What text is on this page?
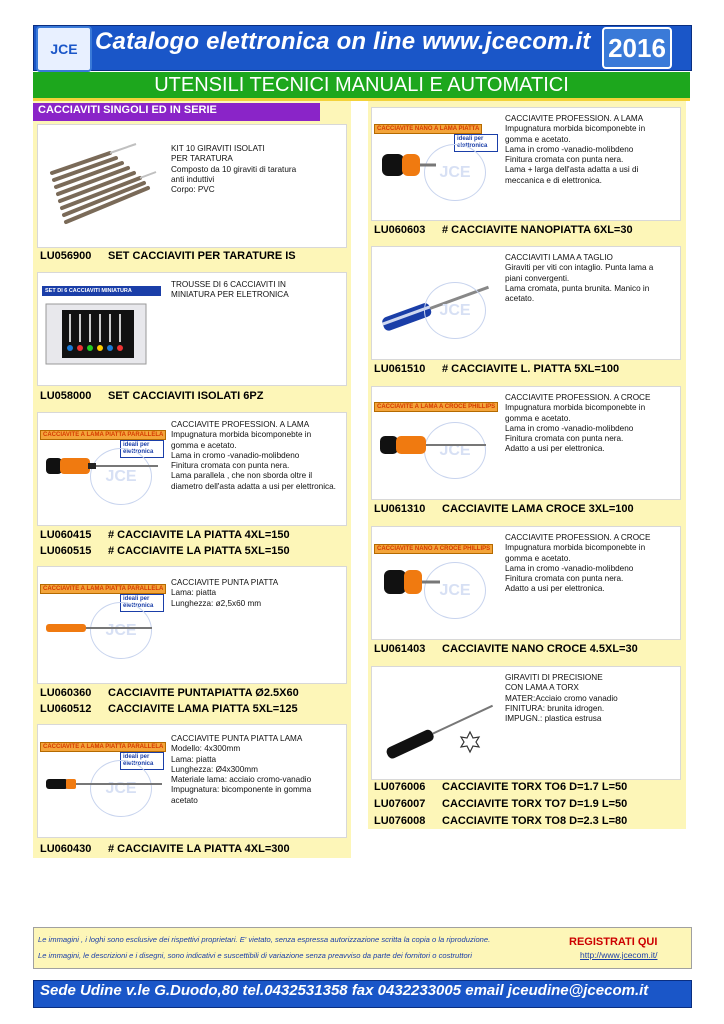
JCE Catalogo elettronica on line www.jcecom.it 2016
UTENSILI TECNICI MANUALI E AUTOMATICI
CACCIAVITI SINGOLI ED IN SERIE
KIT 10 GIRAVITI ISOLATI
PER TARATURA
Composto da 10 giraviti di taratura
anti induttivi
Corpo: PVC
LU056900 SET CACCIAVITI PER TARATURE IS
SET DI 6 CACCIAVITI MINIATURA
TROUSSE DI 6 CACCIAVITI IN
MINIATURA PER ELETRONICA
LU058000 SET CACCIAVITI ISOLATI 6PZ
CACCIAVITE A LAMA PIATTA PARALLELA
ideali per elettronica
JCE
CACCIAVITE PROFESSION. A LAMA
Impugnatura morbida bicomponebte in
gomma e acetato.
Lama in cromo -vanadio-molibdeno
Finitura cromata con punta nera.
Lama parallela , che non sborda oltre il
diametro dell'asta adatta a usi per elettronica.
LU060415 # CACCIAVITE LA PIATTA 4XL=150
LU060515 # CACCIAVITE LA PIATTA 5XL=150
CACCIAVITE A LAMA PIATTA PARALLELA
ideali per elettronica
JCE
CACCIAVITE PUNTA PIATTA
Lama: piatta
Lunghezza: ø2,5x60 mm
LU060360 CACCIAVITE PUNTAPIATTA Ø2.5X60
LU060512 CACCIAVITE LAMA PIATTA 5XL=125
CACCIAVITE A LAMA PIATTA PARALLELA
ideali per elettronica
JCE
CACCIAVITE PUNTA PIATTA LAMA
Modello: 4x300mm
Lama: piatta
Lunghezza: Ø4x300mm
Materiale lama: acciaio cromo-vanadio
Impugnatura: bicomponente in gomma
acetato
LU060430 # CACCIAVITE LA PIATTA 4XL=300
CACCIAVITE NANO A LAMA PIATTA
ideali per elettronica
JCE
CACCIAVITE PROFESSION. A LAMA
Impugnatura morbida bicomponebte in
gomma e acetato.
Lama in cromo -vanadio-molibdeno
Finitura cromata con punta nera.
Lama + larga dell'asta adatta a usi di
meccanica e di elettronica.
LU060603 # CACCIAVITE NANOPIATTA 6XL=30
JCE
CACCIAVITI LAMA A TAGLIO
Giraviti per viti con intaglio. Punta lama a
piani convergenti.
Lama cromata, punta brunita. Manico in
acetato.
LU061510 # CACCIAVITE L. PIATTA 5XL=100
CACCIAVITE A LAMA A CROCE PHILLIPS
JCE
CACCIAVITE PROFESSION. A CROCE
Impugnatura morbida bicomponebte in
gomma e acetato.
Lama in cromo -vanadio-molibdeno
Finitura cromata con punta nera.
Adatto a usi per elettronica.
LU061310 CACCIAVITE LAMA CROCE 3XL=100
CACCIAVITE NANO A CROCE PHILLIPS
JCE
CACCIAVITE PROFESSION. A CROCE
Impugnatura morbida bicomponebte in
gomma e acetato.
Lama in cromo -vanadio-molibdeno
Finitura cromata con punta nera.
Adatto a usi per elettronica.
LU061403 CACCIAVITE NANO CROCE 4.5XL=30
GIRAVITI DI PRECISIONE
CON LAMA A TORX
MATER:Acciaio cromo vanadio
FINITURA: brunita idrogen.
IMPUGN.: plastica estrusa
LU076006 CACCIAVITE TORX TO6 D=1.7 L=50
LU076007 CACCIAVITE TORX TO7 D=1.9 L=50
LU076008 CACCIAVITE TORX TO8 D=2.3 L=80
Le immagini , i loghi sono esclusive dei rispettivi proprietari. E' vietato, senza espressa autorizzazione scritta la copia o la riproduzione.
Le immagini, le descrizioni e i disegni, sono indicativi e suscettibili di variazione senza preavviso da parte dei fornitori o costruttori
REGISTRATI QUI
http://www.jcecom.it/
Sede Udine v.le G.Duodo,80 tel.0432531358 fax 0432233005 email jceudine@jcecom.it
